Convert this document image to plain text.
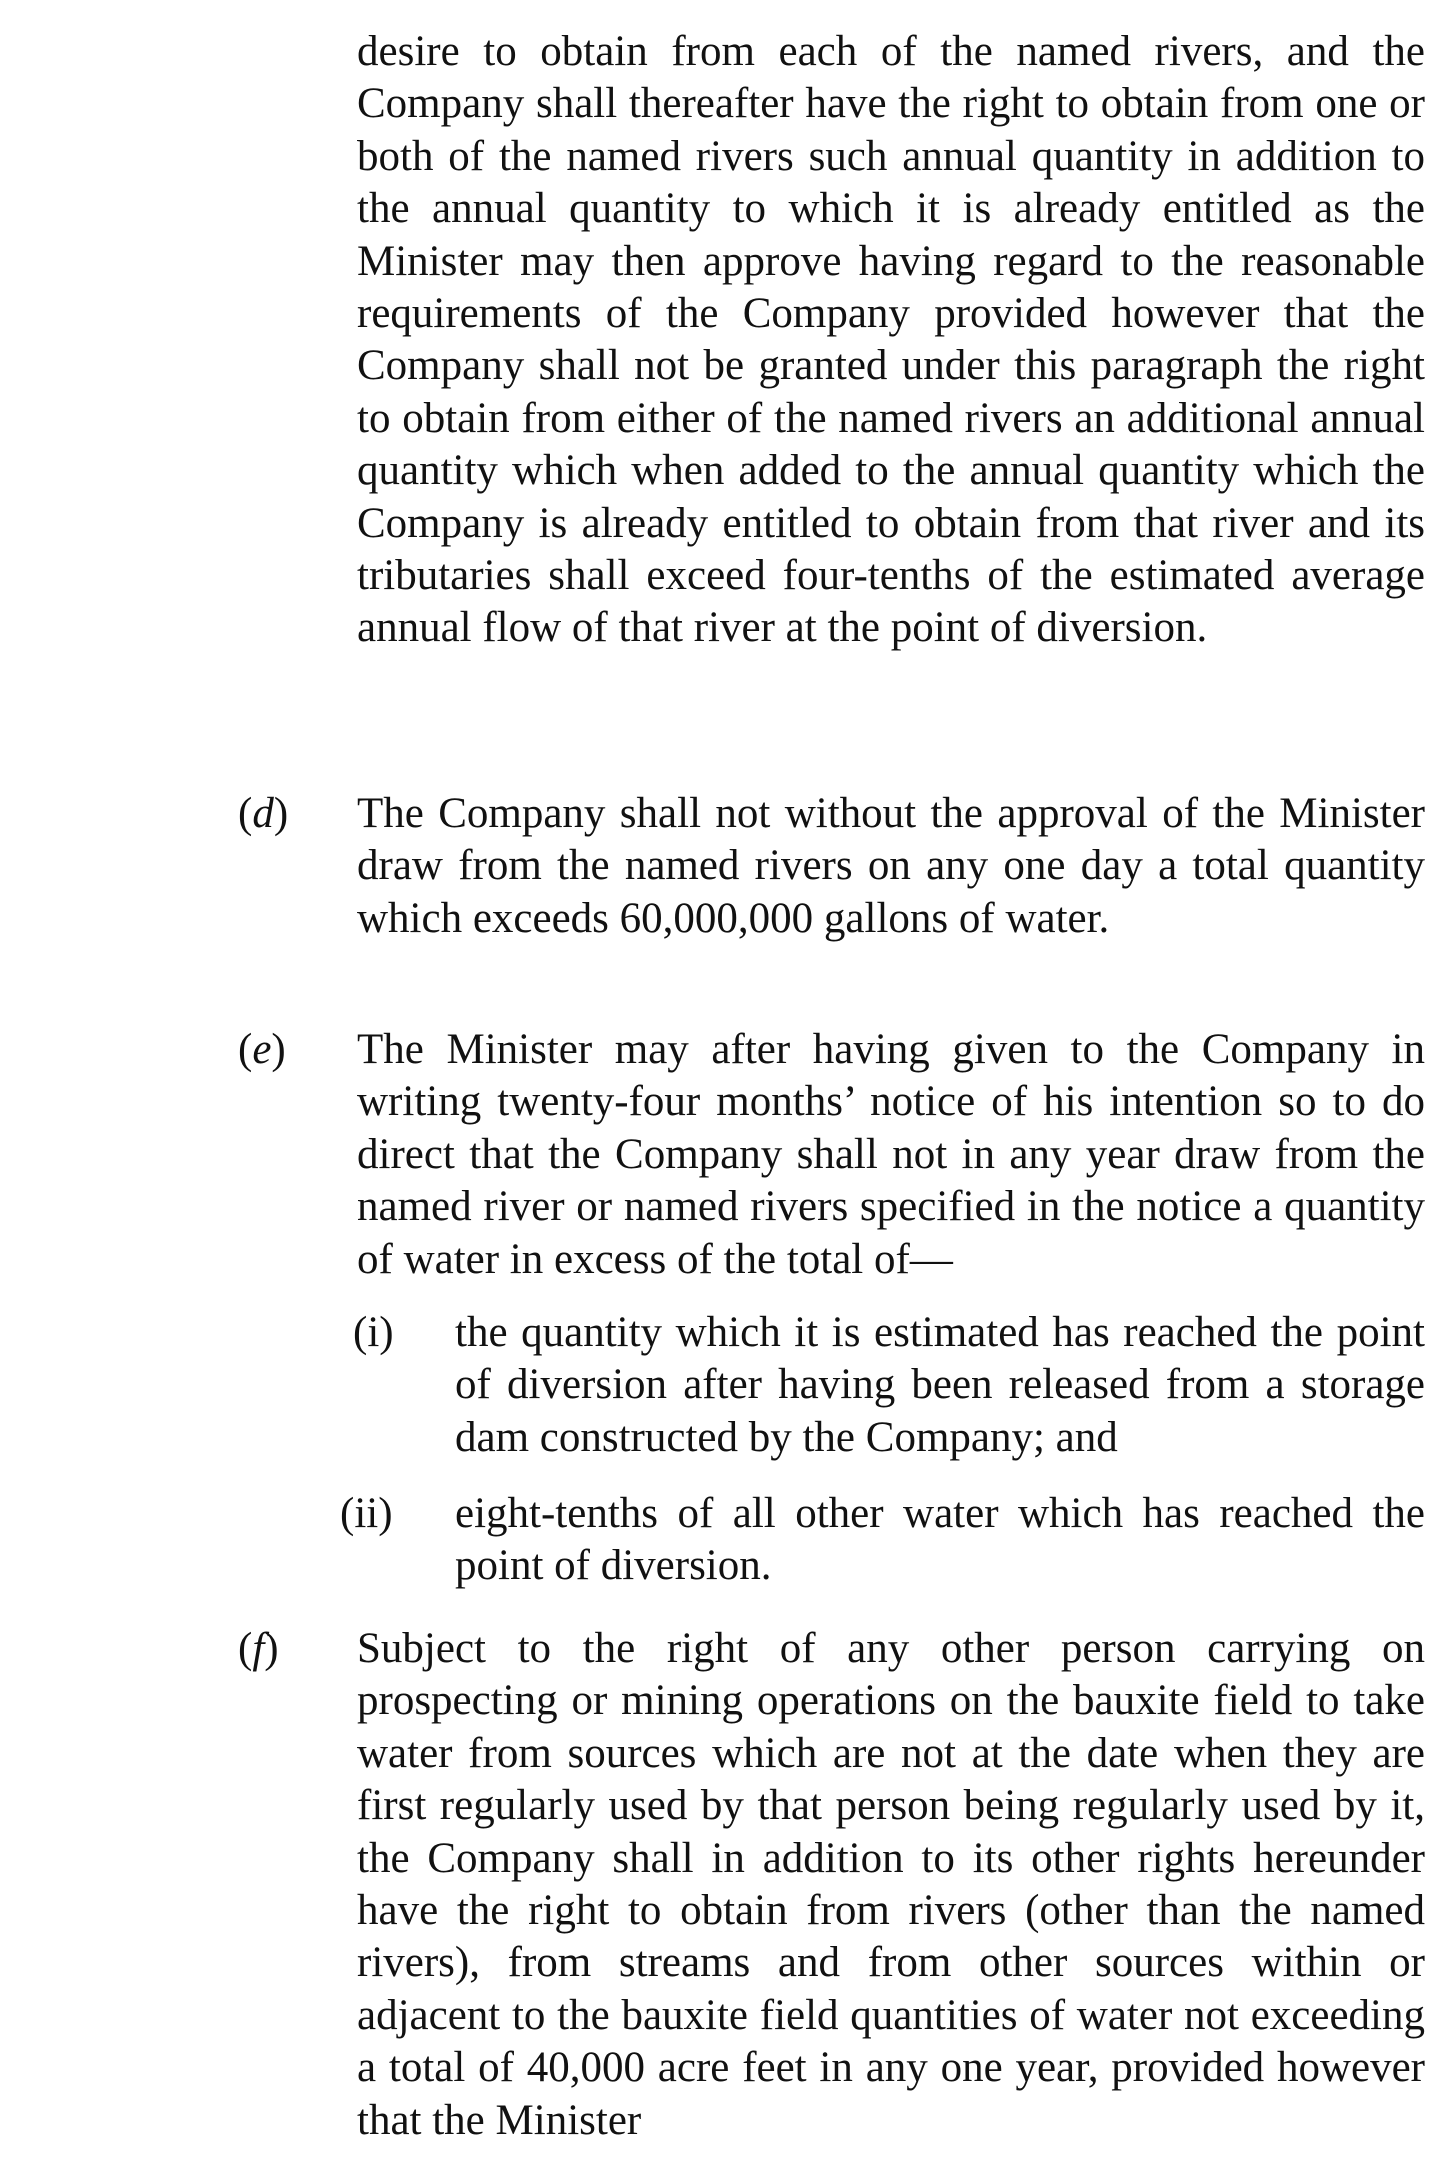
desire to obtain from each of the named rivers, and the Company shall thereafter have the right to obtain from one or both of the named rivers such annual quantity in addition to the annual quantity to which it is already entitled as the Minister may then approve having regard to the reasonable requirements of the Company provided however that the Company shall not be granted under this paragraph the right to obtain from either of the named rivers an additional annual quantity which when added to the annual quantity which the Company is already entitled to obtain from that river and its tributaries shall exceed four-tenths of the estimated average annual flow of that river at the point of diversion.

(d) The Company shall not without the approval of the Minister draw from the named rivers on any one day a total quantity which exceeds 60,000,000 gallons of water.

(e) The Minister may after having given to the Company in writing twenty-four months’ notice of his intention so to do direct that the Company shall not in any year draw from the named river or named rivers specified in the notice a quantity of water in excess of the total of—

(i) the quantity which it is estimated has reached the point of diversion after having been released from a storage dam constructed by the Company; and

(ii) eight-tenths of all other water which has reached the point of diversion.

(f) Subject to the right of any other person carrying on prospecting or mining operations on the bauxite field to take water from sources which are not at the date when they are first regularly used by that person being regularly used by it, the Company shall in addition to its other rights hereunder have the right to obtain from rivers (other than the named rivers), from streams and from other sources within or adjacent to the bauxite field quantities of water not exceeding a total of 40,000 acre feet in any one year, provided however that the Minister
